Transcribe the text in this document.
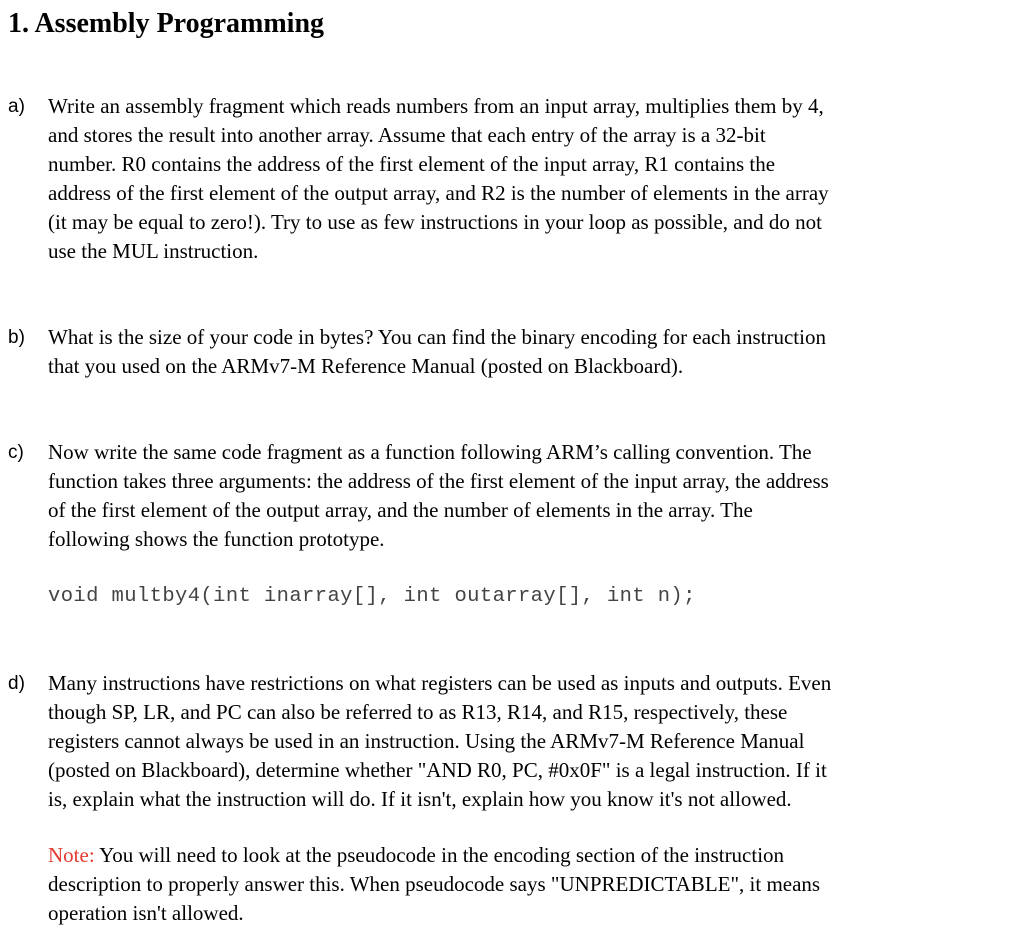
1. Assembly Programming
a) Write an assembly fragment which reads numbers from an input array, multiplies them by 4,
and stores the result into another array. Assume that each entry of the array is a 32-bit
number. R0 contains the address of the first element of the input array, R1 contains the
address of the first element of the output array, and R2 is the number of elements in the array
(it may be equal to zero!). Try to use as few instructions in your loop as possible, and do not
use the MUL instruction.
b) What is the size of your code in bytes? You can find the binary encoding for each instruction
that you used on the ARMv7-M Reference Manual (posted on Blackboard).
c) Now write the same code fragment as a function following ARM’s calling convention. The
function takes three arguments: the address of the first element of the input array, the address
of the first element of the output array, and the number of elements in the array. The
following shows the function prototype.
void multby4(int inarray[], int outarray[], int n);
d) Many instructions have restrictions on what registers can be used as inputs and outputs. Even
though SP, LR, and PC can also be referred to as R13, R14, and R15, respectively, these
registers cannot always be used in an instruction. Using the ARMv7-M Reference Manual
(posted on Blackboard), determine whether "AND R0, PC, #0x0F" is a legal instruction. If it
is, explain what the instruction will do. If it isn't, explain how you know it's not allowed.
Note: You will need to look at the pseudocode in the encoding section of the instruction
description to properly answer this. When pseudocode says "UNPREDICTABLE", it means
operation isn't allowed.
